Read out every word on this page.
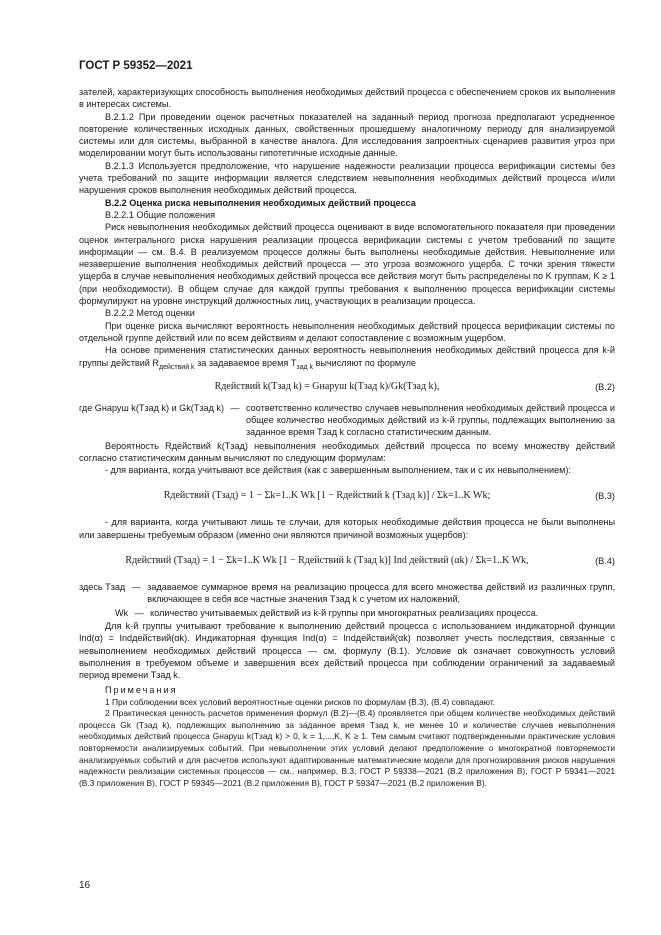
ГОСТ Р 59352—2021

зателей, характеризующих способность выполнения необходимых действий процесса с обеспечением сроков их выполнения в интересах системы.

В.2.1.2 При проведении оценок расчетных показателей на заданный период прогноза предполагают усредненное повторение количественных исходных данных, свойственных прошедшему аналогичному периоду для анализируемой системы или для системы, выбранной в качестве аналога. Для исследования запроектных сценариев развития угроз при моделировании могут быть использованы гипотетичные исходные данные.

В.2.1.3 Используется предположение, что нарушение надежности реализации процесса верификации системы без учета требований по защите информации является следствием невыполнения необходимых действий процесса и/или нарушения сроков выполнения необходимых действий процесса.

В.2.2 Оценка риска невыполнения необходимых действий процесса

В.2.2.1 Общие положения

Риск невыполнения необходимых действий процесса оценивают в виде вспомогательного показателя при проведении оценок интегрального риска нарушения реализации процесса верификации системы с учетом требований по защите информации — см. В.4. В реализуемом процессе должны быть выполнены необходимые действия. Невыполнение или незавершение выполнения необходимых действий процесса — это угроза возможного ущерба. С точки зрения тяжести ущерба в случае невыполнения необходимых действий процесса все действия могут быть распределены по K группам, K ≥ 1 (при необходимости). В общем случае для каждой группы требования к выполнению процесса верификации системы формулируют на уровне инструкций должностных лиц, участвующих в реализации процесса.

В.2.2.2 Метод оценки

При оценке риска вычисляют вероятность невыполнения необходимых действий процесса верификации системы по отдельной группе действий или по всем действиям и делают сопоставление с возможным ущербом.

На основе применения статистических данных вероятность невыполнения необходимых действий процесса для k-й группы действий $R_{действий k}$ за задаваемое время $T_{зад k}$ вычисляют по формуле

Rдействий k(Tзад k) = Gнаруш k(Tзад k)/Gk(Tзад k),	(В.2)
где Gнаруш k(Tзад k) и Gk(Tзад k) — соответственно количество случаев невыполнения необходимых действий процесса и общее количество необходимых действий из k-й группы, подлежащих выполнению за заданное время Tзад k согласно статистическим данным.

Вероятность Rдействий k(Tзад) невыполнения необходимых действий процесса по всему множеству действий согласно статистическим данным вычисляют по следующим формулам:

- для варианта, когда учитывают все действия (как с завершенным выполнением, так и с их невыполнением):

Rдействий (Tзад) = 1 − Σk=1..K Wk [1 − Rдействий k (Tзад k)] / Σk=1..K Wk;	(В.3)

- для варианта, когда учитывают лишь те случаи, для которых необходимые действия процесса не были выполнены или завершены требуемым образом (именно они являются причиной возможных ущербов):

Rдействий (Tзад) = 1 − Σk=1..K Wk [1 − Rдействий k (Tзад k)] Ind действий (αk) / Σk=1..K Wk,	(В.4)
здесь Tзад — задаваемое суммарное время на реализацию процесса для всего множества действий из различных групп, включающее в себя все частные значения Tзад k с учетом их наложений,
Wk — количество учитываемых действий из k-й группы при многократных реализациях процесса.

Для k-й группы учитывают требование к выполнению действий процесса с использованием индикаторной функции Ind(α) = Indдействий(αk). Индикаторная функция Ind(α) = Indдействий(αk) позволяет учесть последствия, связанные с невыполнением необходимых действий процесса — см. формулу (В.1). Условие αk означает совокупность условий выполнения в требуемом объеме и завершения всех действий процесса при соблюдении ограничений за задаваемый период времени Tзад k.

Примечания

1 При соблюдении всех условий вероятностные оценки рисков по формулам (В.3), (В.4) совпадают.

2 Практическая ценность расчетов применения формул (В.2)—(В.4) проявляется при общем количестве необходимых действий процесса Gk (Tзад k), подлежащих выполнению за заданное время Tзад k, не менее 10 и количестве случаев невыполнения необходимых действий процесса Gнаруш k(Tзад k) > 0, k = 1,...,K, K ≥ 1. Тем самым считают подтвержденными практические условия повторяемости анализируемых событий. При невыполнении этих условий делают предположение о многократной повторяемости анализируемых событий и для расчетов используют адаптированные математические модели для прогнозирования рисков нарушения надежности реализации системных процессов — см., например, В.3, ГОСТ Р 59338—2021 (В.2 приложения В), ГОСТ Р 59341—2021 (В.3 приложения В), ГОСТ Р 59345—2021 (В.2 приложения В), ГОСТ Р 59347—2021 (В.2 приложения В).

16
